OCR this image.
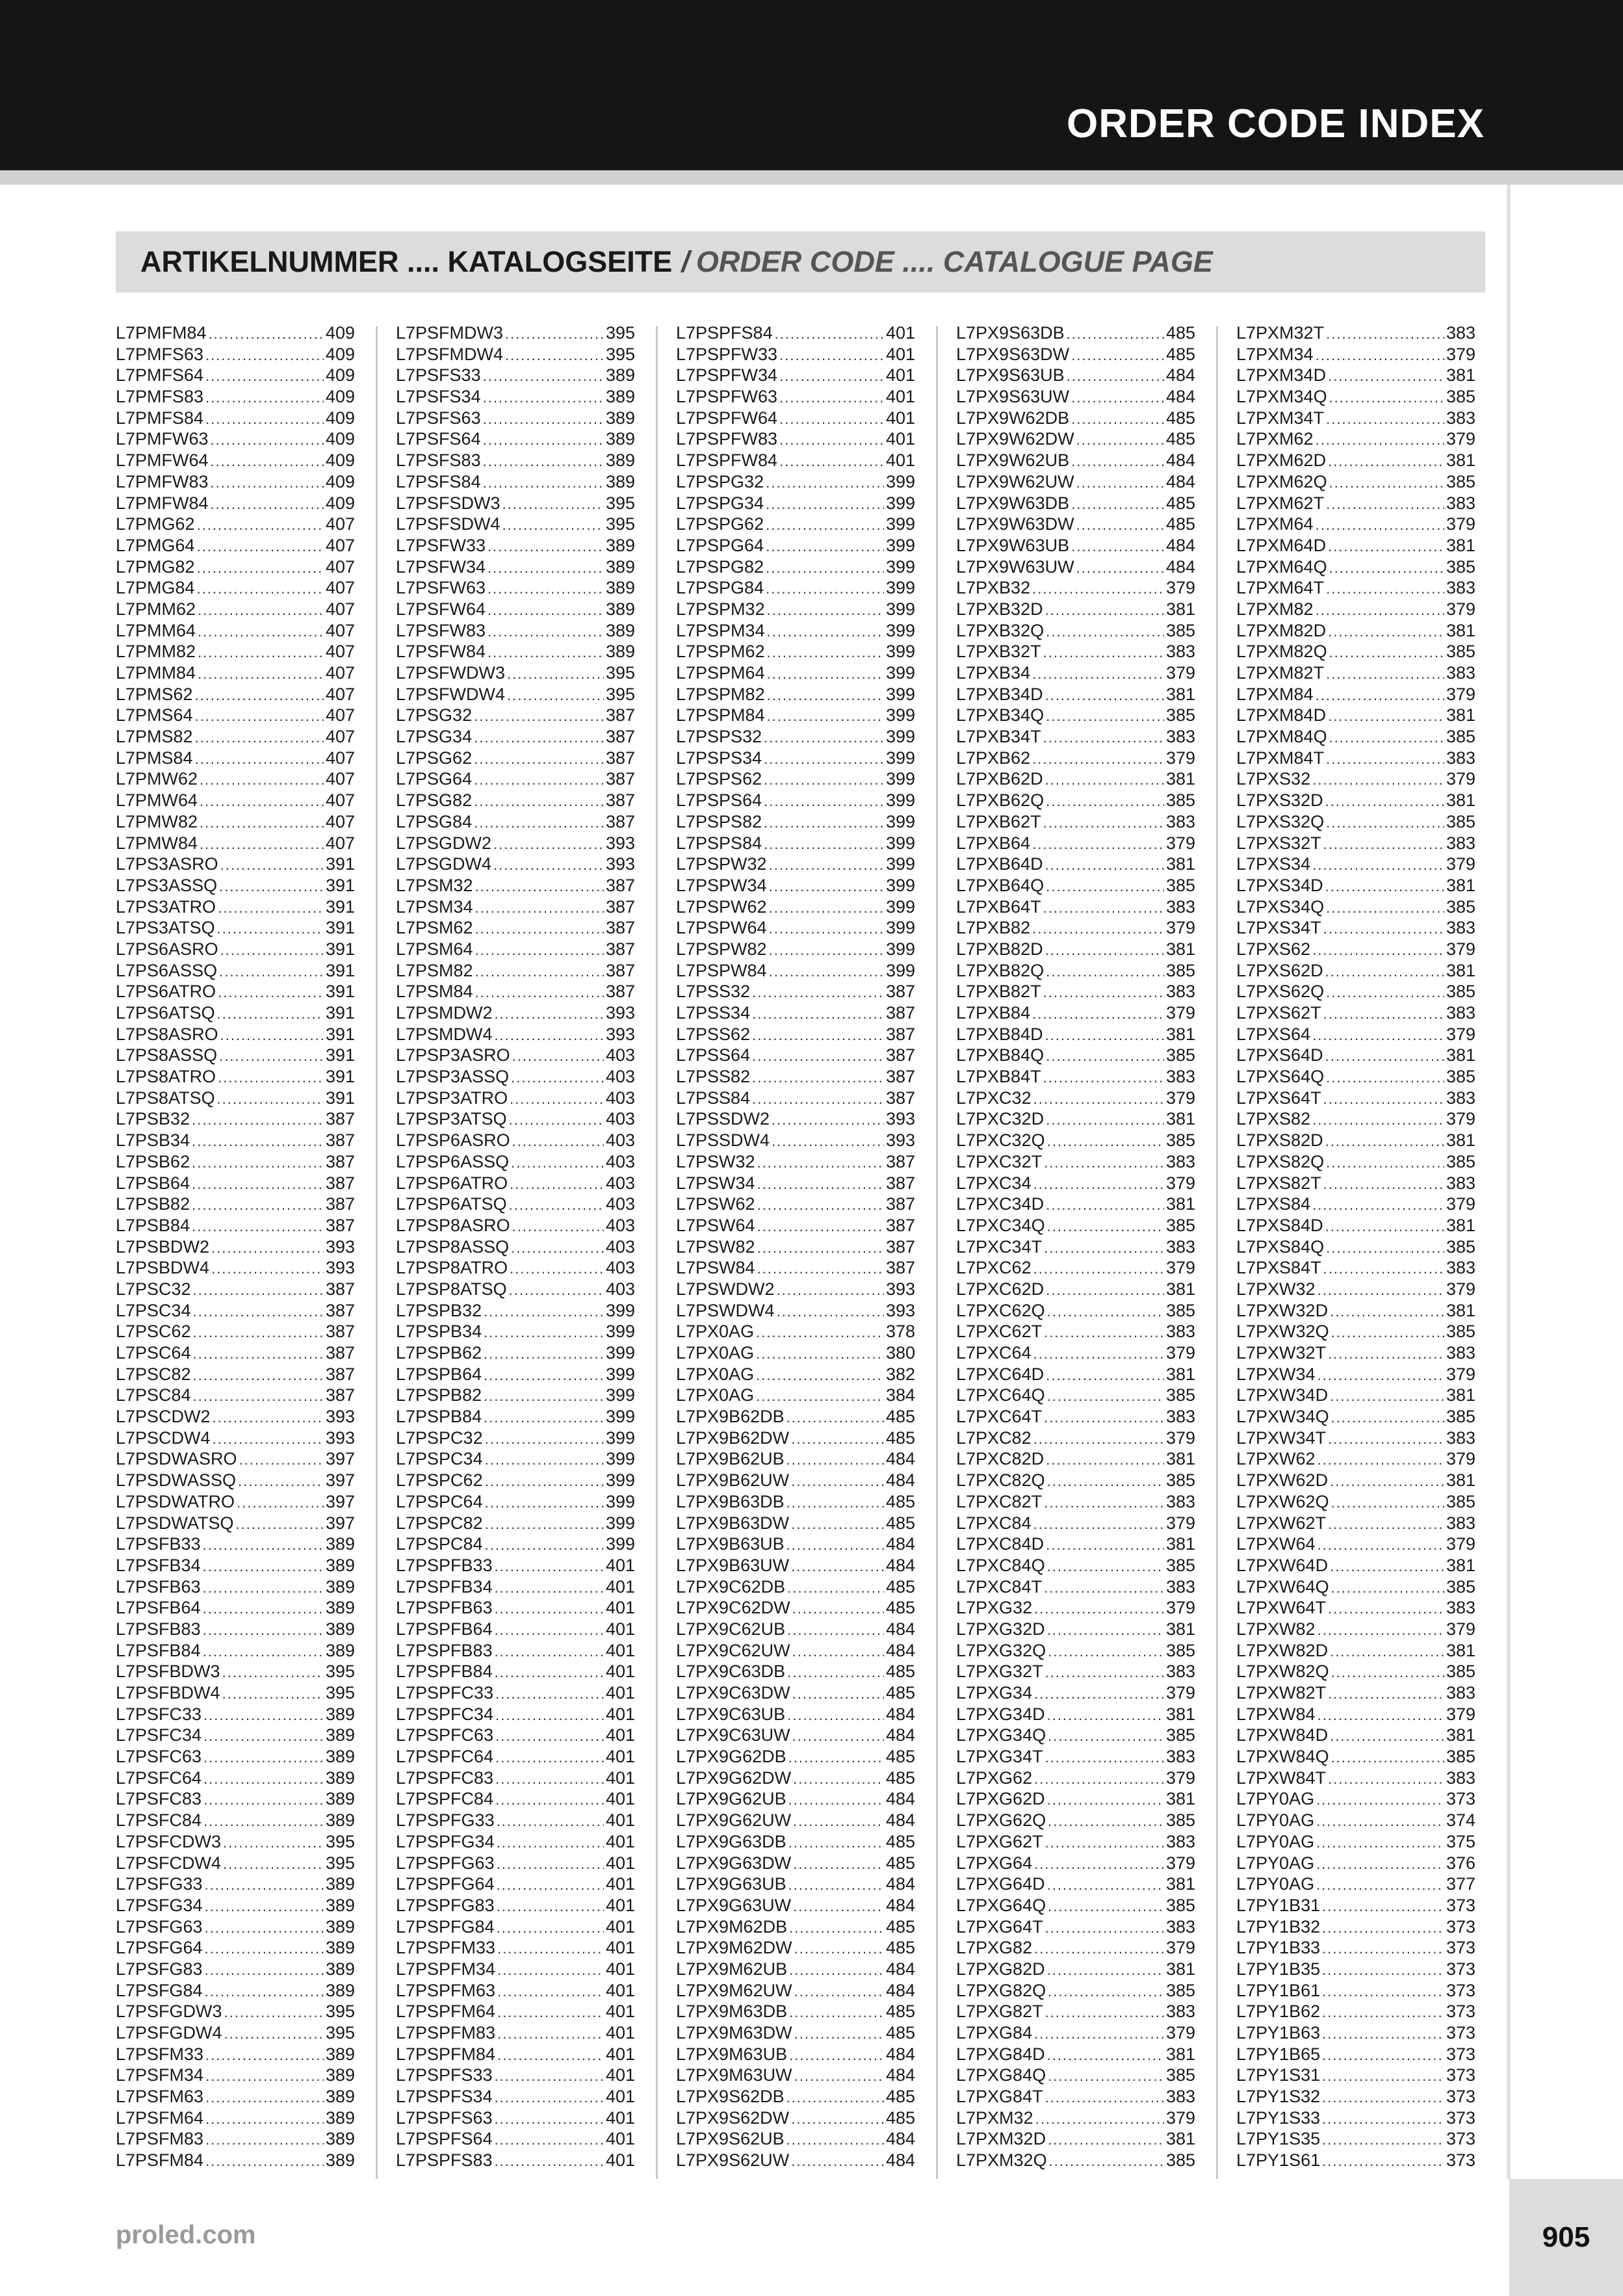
ORDER CODE INDEX
ARTIKELNUMMER .... KATALOGSEITE / ORDER CODE .... CATALOGUE PAGE
L7PMFM84 .....	409
L7PMFS63 .....	409
L7PMFS64 .....	409
L7PMFS83 .....	409
L7PMFS84 .....	409
L7PMFW63 .....	409
L7PMFW64 .....	409
L7PMFW83 .....	409
L7PMFW84 .....	409
L7PMG62 .....	407
L7PMG64 .....	407
L7PMG82 .....	407
L7PMG84 .....	407
L7PMM62 .....	407
L7PMM64 .....	407
L7PMM82 .....	407
L7PMM84 .....	407
L7PMS62 .....	407
L7PMS64 .....	407
L7PMS82 .....	407
L7PMS84 .....	407
L7PMW62 .....	407
L7PMW64 .....	407
L7PMW82 .....	407
L7PMW84 .....	407
L7PS3ASRO .....	391
L7PS3ASSQ .....	391
L7PS3ATRO .....	391
L7PS3ATSQ .....	391
L7PS6ASRO .....	391
L7PS6ASSQ .....	391
L7PS6ATRO .....	391
L7PS6ATSQ .....	391
L7PS8ASRO .....	391
L7PS8ASSQ .....	391
L7PS8ATRO .....	391
L7PS8ATSQ .....	391
L7PSB32 .....	387
L7PSB34 .....	387
L7PSB62 .....	387
L7PSB64 .....	387
L7PSB82 .....	387
L7PSB84 .....	387
L7PSBDW2 .....	393
L7PSBDW4 .....	393
L7PSC32 .....	387
L7PSC34 .....	387
L7PSC62 .....	387
L7PSC64 .....	387
L7PSC82 .....	387
L7PSC84 .....	387
L7PSCDW2 .....	393
L7PSCDW4 .....	393
L7PSDWASRO .....	397
L7PSDWASSQ .....	397
L7PSDWATRO .....	397
L7PSDWATSQ .....	397
L7PSFB33 .....	389
L7PSFB34 .....	389
L7PSFB63 .....	389
L7PSFB64 .....	389
L7PSFB83 .....	389
L7PSFB84 .....	389
L7PSFBDW3 .....	395
L7PSFBDW4 .....	395
L7PSFC33 .....	389
L7PSFC34 .....	389
L7PSFC63 .....	389
L7PSFC64 .....	389
L7PSFC83 .....	389
L7PSFC84 .....	389
L7PSFCDW3 .....	395
L7PSFCDW4 .....	395
L7PSFG33 .....	389
L7PSFG34 .....	389
L7PSFG63 .....	389
L7PSFG64 .....	389
L7PSFG83 .....	389
L7PSFG84 .....	389
L7PSFGDW3 .....	395
L7PSFGDW4 .....	395
L7PSFM33 .....	389
L7PSFM34 .....	389
L7PSFM63 .....	389
L7PSFM64 .....	389
L7PSFM83 .....	389
L7PSFM84 .....	389
L7PSFMDW3 .....	395
L7PSFMDW4 .....	395
L7PSFS33 .....	389
L7PSFS34 .....	389
L7PSFS63 .....	389
L7PSFS64 .....	389
L7PSFS83 .....	389
L7PSFS84 .....	389
L7PSFSDW3 .....	395
L7PSFSDW4 .....	395
L7PSFW33 .....	389
L7PSFW34 .....	389
L7PSFW63 .....	389
L7PSFW64 .....	389
L7PSFW83 .....	389
L7PSFW84 .....	389
L7PSFWDW3 .....	395
L7PSFWDW4 .....	395
L7PSG32 .....	387
L7PSG34 .....	387
L7PSG62 .....	387
L7PSG64 .....	387
L7PSG82 .....	387
L7PSG84 .....	387
L7PSGDW2 .....	393
L7PSGDW4 .....	393
L7PSM32 .....	387
L7PSM34 .....	387
L7PSM62 .....	387
L7PSM64 .....	387
L7PSM82 .....	387
L7PSM84 .....	387
L7PSMDW2 .....	393
L7PSMDW4 .....	393
L7PSP3ASRO .....	403
L7PSP3ASSQ .....	403
L7PSP3ATRO .....	403
L7PSP3ATSQ .....	403
L7PSP6ASRO .....	403
L7PSP6ASSQ .....	403
L7PSP6ATRO .....	403
L7PSP6ATSQ .....	403
L7PSP8ASRO .....	403
L7PSP8ASSQ .....	403
L7PSP8ATRO .....	403
L7PSP8ATSQ .....	403
L7PSPB32 .....	399
L7PSPB34 .....	399
L7PSPB62 .....	399
L7PSPB64 .....	399
L7PSPB82 .....	399
L7PSPB84 .....	399
L7PSPC32 .....	399
L7PSPC34 .....	399
L7PSPC62 .....	399
L7PSPC64 .....	399
L7PSPC82 .....	399
L7PSPC84 .....	399
L7PSPFB33 .....	401
L7PSPFB34 .....	401
L7PSPFB63 .....	401
L7PSPFB64 .....	401
L7PSPFB83 .....	401
L7PSPFB84 .....	401
L7PSPFC33 .....	401
L7PSPFC34 .....	401
L7PSPFC63 .....	401
L7PSPFC64 .....	401
L7PSPFC83 .....	401
L7PSPFC84 .....	401
L7PSPFG33 .....	401
L7PSPFG34 .....	401
L7PSPFG63 .....	401
L7PSPFG64 .....	401
L7PSPFG83 .....	401
L7PSPFG84 .....	401
L7PSPFM33 .....	401
L7PSPFM34 .....	401
L7PSPFM63 .....	401
L7PSPFM64 .....	401
L7PSPFM83 .....	401
L7PSPFM84 .....	401
L7PSPFS33 .....	401
L7PSPFS34 .....	401
L7PSPFS63 .....	401
L7PSPFS64 .....	401
L7PSPFS83 .....	401
L7PSPFS84 .....	401
L7PSPFW33 .....	401
L7PSPFW34 .....	401
L7PSPFW63 .....	401
L7PSPFW64 .....	401
L7PSPFW83 .....	401
L7PSPFW84 .....	401
L7PSPG32 .....	399
L7PSPG34 .....	399
L7PSPG62 .....	399
L7PSPG64 .....	399
L7PSPG82 .....	399
L7PSPG84 .....	399
L7PSPM32 .....	399
L7PSPM34 .....	399
L7PSPM62 .....	399
L7PSPM64 .....	399
L7PSPM82 .....	399
L7PSPM84 .....	399
L7PSPS32 .....	399
L7PSPS34 .....	399
L7PSPS62 .....	399
L7PSPS64 .....	399
L7PSPS82 .....	399
L7PSPS84 .....	399
L7PSPW32 .....	399
L7PSPW34 .....	399
L7PSPW62 .....	399
L7PSPW64 .....	399
L7PSPW82 .....	399
L7PSPW84 .....	399
L7PSS32 .....	387
L7PSS34 .....	387
L7PSS62 .....	387
L7PSS64 .....	387
L7PSS82 .....	387
L7PSS84 .....	387
L7PSSDW2 .....	393
L7PSSDW4 .....	393
L7PSW32 .....	387
L7PSW34 .....	387
L7PSW62 .....	387
L7PSW64 .....	387
L7PSW82 .....	387
L7PSW84 .....	387
L7PSWDW2 .....	393
L7PSWDW4 .....	393
L7PX0AG .....	378
L7PX0AG .....	380
L7PX0AG .....	382
L7PX0AG .....	384
L7PX9B62DB .....	485
L7PX9B62DW .....	485
L7PX9B62UB .....	484
L7PX9B62UW .....	484
L7PX9B63DB .....	485
L7PX9B63DW .....	485
L7PX9B63UB .....	484
L7PX9B63UW .....	484
L7PX9C62DB .....	485
L7PX9C62DW .....	485
L7PX9C62UB .....	484
L7PX9C62UW .....	484
L7PX9C63DB .....	485
L7PX9C63DW .....	485
L7PX9C63UB .....	484
L7PX9C63UW .....	484
L7PX9G62DB .....	485
L7PX9G62DW .....	485
L7PX9G62UB .....	484
L7PX9G62UW .....	484
L7PX9G63DB .....	485
L7PX9G63DW .....	485
L7PX9G63UB .....	484
L7PX9G63UW .....	484
L7PX9M62DB .....	485
L7PX9M62DW .....	485
L7PX9M62UB .....	484
L7PX9M62UW .....	484
L7PX9M63DB .....	485
L7PX9M63DW .....	485
L7PX9M63UB .....	484
L7PX9M63UW .....	484
L7PX9S62DB .....	485
L7PX9S62DW .....	485
L7PX9S62UB .....	484
L7PX9S62UW .....	484
L7PX9S63DB .....	485
L7PX9S63DW .....	485
L7PX9S63UB .....	484
L7PX9S63UW .....	484
L7PX9W62DB .....	485
L7PX9W62DW .....	485
L7PX9W62UB .....	484
L7PX9W62UW .....	484
L7PX9W63DB .....	485
L7PX9W63DW .....	485
L7PX9W63UB .....	484
L7PX9W63UW .....	484
L7PXB32 .....	379
L7PXB32D .....	381
L7PXB32Q .....	385
L7PXB32T .....	383
L7PXB34 .....	379
L7PXB34D .....	381
L7PXB34Q .....	385
L7PXB34T .....	383
L7PXB62 .....	379
L7PXB62D .....	381
L7PXB62Q .....	385
L7PXB62T .....	383
L7PXB64 .....	379
L7PXB64D .....	381
L7PXB64Q .....	385
L7PXB64T .....	383
L7PXB82 .....	379
L7PXB82D .....	381
L7PXB82Q .....	385
L7PXB82T .....	383
L7PXB84 .....	379
L7PXB84D .....	381
L7PXB84Q .....	385
L7PXB84T .....	383
L7PXC32 .....	379
L7PXC32D .....	381
L7PXC32Q .....	385
L7PXC32T .....	383
L7PXC34 .....	379
L7PXC34D .....	381
L7PXC34Q .....	385
L7PXC34T .....	383
L7PXC62 .....	379
L7PXC62D .....	381
L7PXC62Q .....	385
L7PXC62T .....	383
L7PXC64 .....	379
L7PXC64D .....	381
L7PXC64Q .....	385
L7PXC64T .....	383
L7PXC82 .....	379
L7PXC82D .....	381
L7PXC82Q .....	385
L7PXC82T .....	383
L7PXC84 .....	379
L7PXC84D .....	381
L7PXC84Q .....	385
L7PXC84T .....	383
L7PXG32 .....	379
L7PXG32D .....	381
L7PXG32Q .....	385
L7PXG32T .....	383
L7PXG34 .....	379
L7PXG34D .....	381
L7PXG34Q .....	385
L7PXG34T .....	383
L7PXG62 .....	379
L7PXG62D .....	381
L7PXG62Q .....	385
L7PXG62T .....	383
L7PXG64 .....	379
L7PXG64D .....	381
L7PXG64Q .....	385
L7PXG64T .....	383
L7PXG82 .....	379
L7PXG82D .....	381
L7PXG82Q .....	385
L7PXG82T .....	383
L7PXG84 .....	379
L7PXG84D .....	381
L7PXG84Q .....	385
L7PXG84T .....	383
L7PXM32 .....	379
L7PXM32D .....	381
L7PXM32Q .....	385
L7PXM32T .....	383
L7PXM34 .....	379
L7PXM34D .....	381
L7PXM34Q .....	385
L7PXM34T .....	383
L7PXM62 .....	379
L7PXM62D .....	381
L7PXM62Q .....	385
L7PXM62T .....	383
L7PXM64 .....	379
L7PXM64D .....	381
L7PXM64Q .....	385
L7PXM64T .....	383
L7PXM82 .....	379
L7PXM82D .....	381
L7PXM82Q .....	385
L7PXM82T .....	383
L7PXM84 .....	379
L7PXM84D .....	381
L7PXM84Q .....	385
L7PXM84T .....	383
L7PXS32 .....	379
L7PXS32D .....	381
L7PXS32Q .....	385
L7PXS32T .....	383
L7PXS34 .....	379
L7PXS34D .....	381
L7PXS34Q .....	385
L7PXS34T .....	383
L7PXS62 .....	379
L7PXS62D .....	381
L7PXS62Q .....	385
L7PXS62T .....	383
L7PXS64 .....	379
L7PXS64D .....	381
L7PXS64Q .....	385
L7PXS64T .....	383
L7PXS82 .....	379
L7PXS82D .....	381
L7PXS82Q .....	385
L7PXS82T .....	383
L7PXS84 .....	379
L7PXS84D .....	381
L7PXS84Q .....	385
L7PXS84T .....	383
L7PXW32 .....	379
L7PXW32D .....	381
L7PXW32Q .....	385
L7PXW32T .....	383
L7PXW34 .....	379
L7PXW34D .....	381
L7PXW34Q .....	385
L7PXW34T .....	383
L7PXW62 .....	379
L7PXW62D .....	381
L7PXW62Q .....	385
L7PXW62T .....	383
L7PXW64 .....	379
L7PXW64D .....	381
L7PXW64Q .....	385
L7PXW64T .....	383
L7PXW82 .....	379
L7PXW82D .....	381
L7PXW82Q .....	385
L7PXW82T .....	383
L7PXW84 .....	379
L7PXW84D .....	381
L7PXW84Q .....	385
L7PXW84T .....	383
L7PY0AG .....	373
L7PY0AG .....	374
L7PY0AG .....	375
L7PY0AG .....	376
L7PY0AG .....	377
L7PY1B31 .....	373
L7PY1B32 .....	373
L7PY1B33 .....	373
L7PY1B35 .....	373
L7PY1B61 .....	373
L7PY1B62 .....	373
L7PY1B63 .....	373
L7PY1B65 .....	373
L7PY1S31 .....	373
L7PY1S32 .....	373
L7PY1S33 .....	373
L7PY1S35 .....	373
L7PY1S61 .....	373
proled.com	905
